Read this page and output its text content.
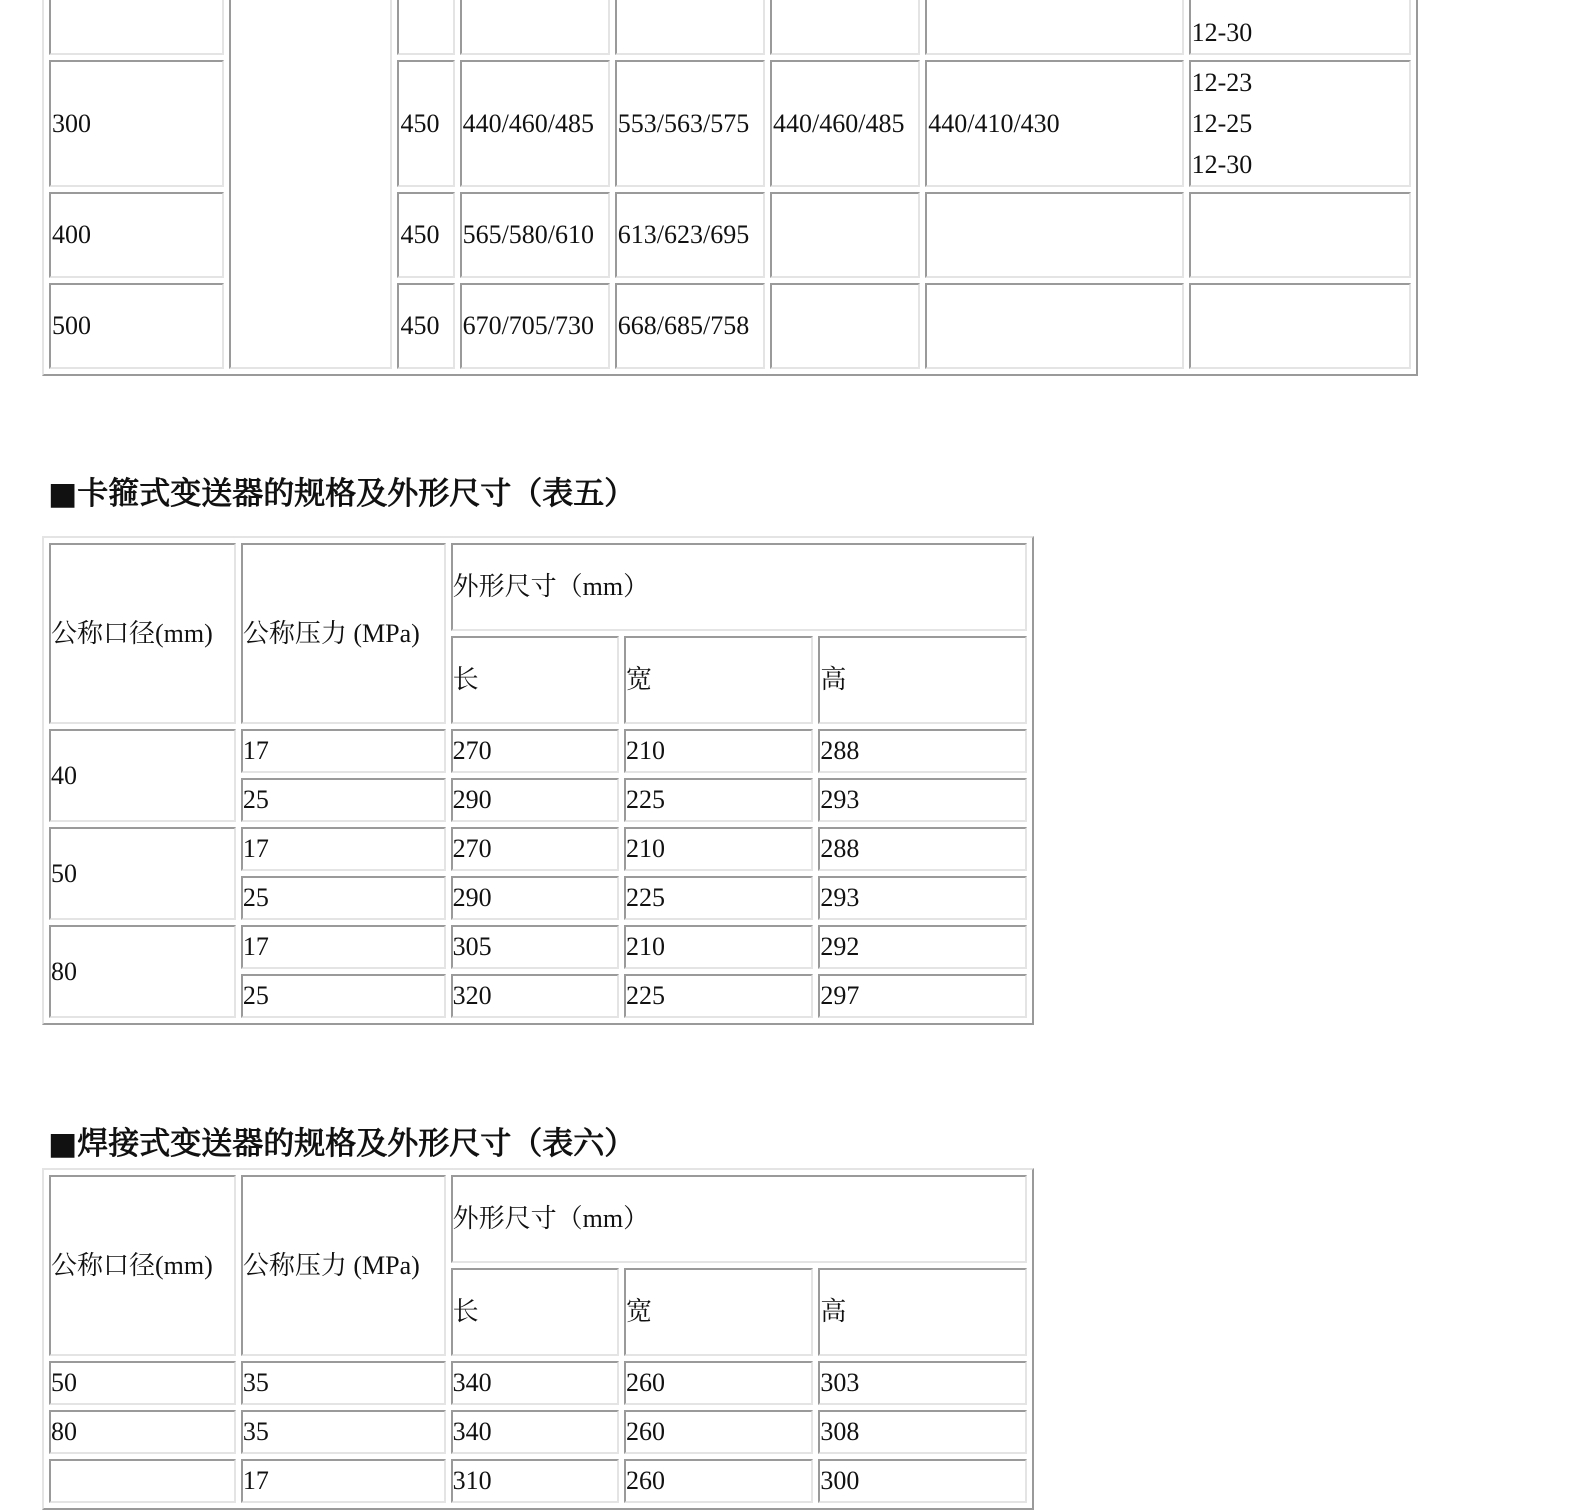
							12-30

300		450	440/460/485	553/563/575	440/460/485	440/410/430	12-23
12-25
12-30

400		450	565/580/610	613/623/695			
500		450	670/705/730	668/685/758			
■卡箍式变送器的规格及外形尺寸（表五）
公称口径(mm)	公称压力 (MPa)	外形尺寸（mm）		
		长	宽	高
40	17	270	210	288
	25	290	225	293
50	17	270	210	288
	25	290	225	293
80	17	305	210	292
	25	320	225	297
■焊接式变送器的规格及外形尺寸（表六）
公称口径(mm)	公称压力 (MPa)	外形尺寸（mm）		
		长	宽	高
50	35	340	260	303
80	35	340	260	308
	17	310	260	300
